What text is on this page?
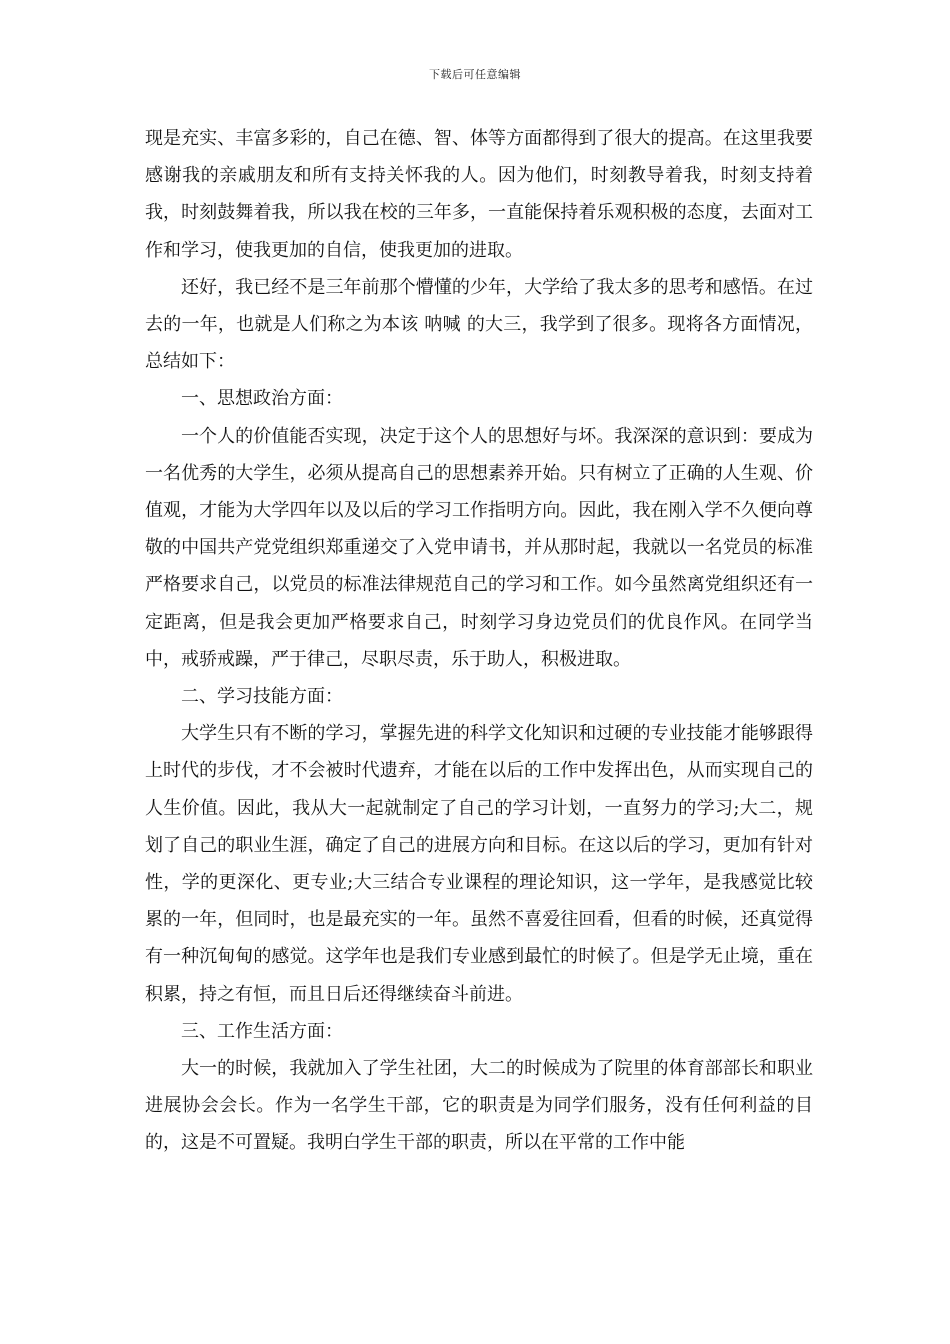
下载后可任意编辑

现是充实、丰富多彩的，自己在德、智、体等方面都得到了很大的提高。在这里我要感谢我的亲戚朋友和所有支持关怀我的人。因为他们，时刻教导着我，时刻支持着我，时刻鼓舞着我，所以我在校的三年多，一直能保持着乐观积极的态度，去面对工作和学习，使我更加的自信，使我更加的进取。

还好，我已经不是三年前那个懵懂的少年，大学给了我太多的思考和感悟。在过去的一年，也就是人们称之为本该 呐喊 的大三，我学到了很多。现将各方面情况，总结如下：

一、思想政治方面：

一个人的价值能否实现，决定于这个人的思想好与坏。我深深的意识到：要成为一名优秀的大学生，必须从提高自己的思想素养开始。只有树立了正确的人生观、价值观，才能为大学四年以及以后的学习工作指明方向。因此，我在刚入学不久便向尊敬的中国共产党党组织郑重递交了入党申请书，并从那时起，我就以一名党员的标准严格要求自己，以党员的标准法律规范自己的学习和工作。如今虽然离党组织还有一定距离，但是我会更加严格要求自己，时刻学习身边党员们的优良作风。在同学当中，戒骄戒躁，严于律己，尽职尽责，乐于助人，积极进取。

二、学习技能方面：

大学生只有不断的学习，掌握先进的科学文化知识和过硬的专业技能才能够跟得上时代的步伐，才不会被时代遗弃，才能在以后的工作中发挥出色，从而实现自己的人生价值。因此，我从大一起就制定了自己的学习计划，一直努力的学习;大二，规划了自己的职业生涯，确定了自己的进展方向和目标。在这以后的学习，更加有针对性，学的更深化、更专业;大三结合专业课程的理论知识，这一学年，是我感觉比较累的一年，但同时，也是最充实的一年。虽然不喜爱往回看，但看的时候，还真觉得有一种沉甸甸的感觉。这学年也是我们专业感到最忙的时候了。但是学无止境，重在积累，持之有恒，而且日后还得继续奋斗前进。

三、工作生活方面：

大一的时候，我就加入了学生社团，大二的时候成为了院里的体育部部长和职业进展协会会长。作为一名学生干部，它的职责是为同学们服务，没有任何利益的目的，这是不可置疑。我明白学生干部的职责，所以在平常的工作中能
